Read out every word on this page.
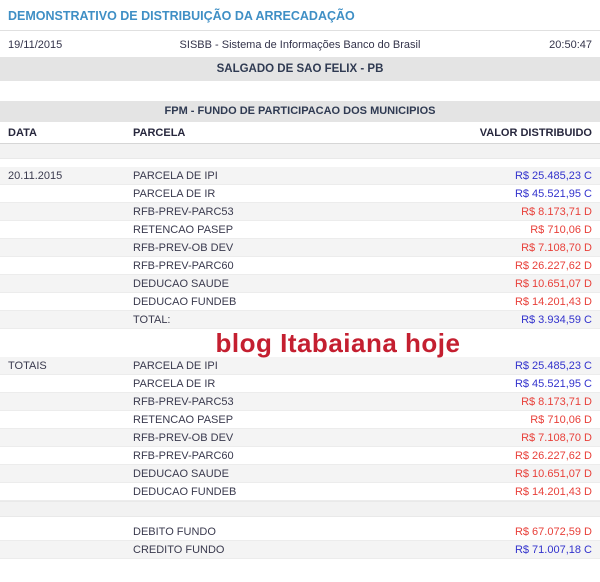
DEMONSTRATIVO DE DISTRIBUIÇÃO DA ARRECADAÇÃO
19/11/2015	SISBB - Sistema de Informações Banco do Brasil	20:50:47
SALGADO DE SAO FELIX - PB
FPM - FUNDO DE PARTICIPACAO DOS MUNICIPIOS
DATA	PARCELA	VALOR DISTRIBUIDO
20.11.2015	PARCELA DE IPI	R$ 25.485,23 C
PARCELA DE IR	R$ 45.521,95 C
RFB-PREV-PARC53	R$ 8.173,71 D
RETENCAO PASEP	R$ 710,06 D
RFB-PREV-OB DEV	R$ 7.108,70 D
RFB-PREV-PARC60	R$ 26.227,62 D
DEDUCAO SAUDE	R$ 10.651,07 D
DEDUCAO FUNDEB	R$ 14.201,43 D
TOTAL:	R$ 3.934,59 C
blog Itabaiana hoje
TOTAIS	PARCELA DE IPI	R$ 25.485,23 C
PARCELA DE IR	R$ 45.521,95 C
RFB-PREV-PARC53	R$ 8.173,71 D
RETENCAO PASEP	R$ 710,06 D
RFB-PREV-OB DEV	R$ 7.108,70 D
RFB-PREV-PARC60	R$ 26.227,62 D
DEDUCAO SAUDE	R$ 10.651,07 D
DEDUCAO FUNDEB	R$ 14.201,43 D
DEBITO FUNDO	R$ 67.072,59 D
CREDITO FUNDO	R$ 71.007,18 C
